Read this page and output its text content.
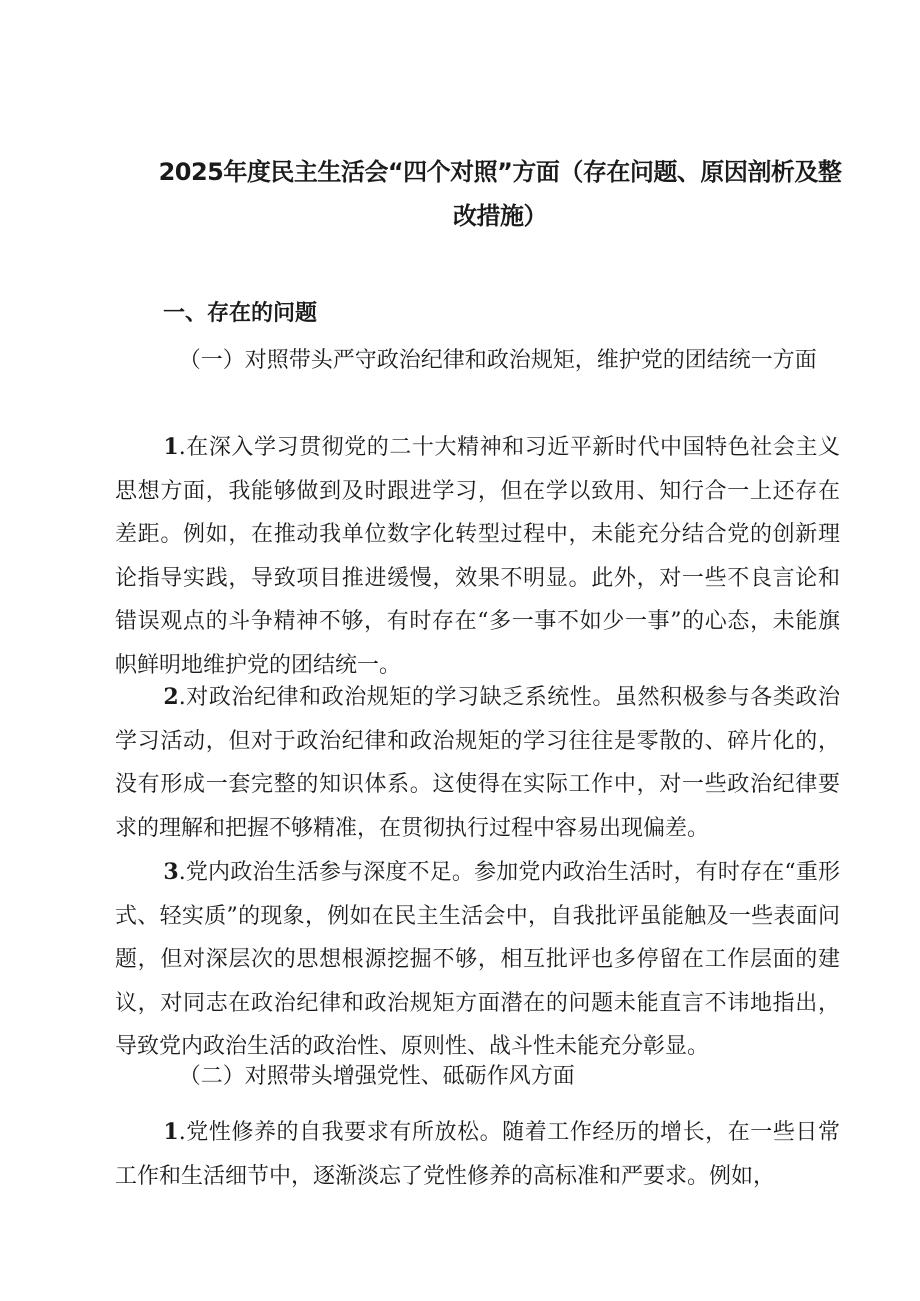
2025年度民主生活会“四个对照”方面（存在问题、原因剖析及整改措施）
一、存在的问题

（一）对照带头严守政治纪律和政治规矩，维护党的团结统一方面

1.在深入学习贯彻党的二十大精神和习近平新时代中国特色社会主义思想方面，我能够做到及时跟进学习，但在学以致用、知行合一上还存在差距。例如，在推动我单位数字化转型过程中，未能充分结合党的创新理论指导实践，导致项目推进缓慢，效果不明显。此外，对一些不良言论和错误观点的斗争精神不够，有时存在“多一事不如少一事”的心态，未能旗帜鲜明地维护党的团结统一。

2.对政治纪律和政治规矩的学习缺乏系统性。虽然积极参与各类政治学习活动，但对于政治纪律和政治规矩的学习往往是零散的、碎片化的，没有形成一套完整的知识体系。这使得在实际工作中，对一些政治纪律要求的理解和把握不够精准，在贯彻执行过程中容易出现偏差。

3.党内政治生活参与深度不足。参加党内政治生活时，有时存在“重形式、轻实质”的现象，例如在民主生活会中，自我批评虽能触及一些表面问题，但对深层次的思想根源挖掘不够，相互批评也多停留在工作层面的建议，对同志在政治纪律和政治规矩方面潜在的问题未能直言不讳地指出，导致党内政治生活的政治性、原则性、战斗性未能充分彰显。

（二）对照带头增强党性、砥砺作风方面

1.党性修养的自我要求有所放松。随着工作经历的增长，在一些日常工作和生活细节中，逐渐淡忘了党性修养的高标准和严要求。例如，
